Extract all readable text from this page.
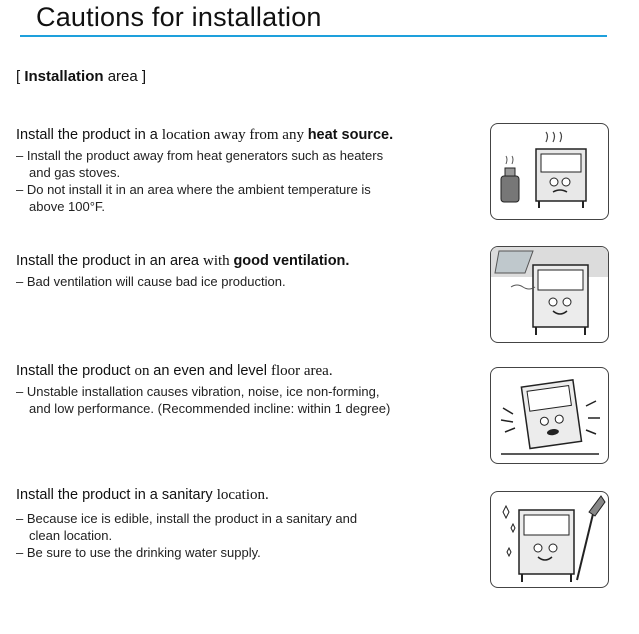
Cautions for installation
[ Installation area ]
Install the product in a location away from any heat source.

– Install the product away from heat generators such as heaters
and gas stoves.

– Do not install it in an area where the ambient temperature is
above 100°F.

Install the product in an area with good ventilation.

– Bad ventilation will cause bad ice production.

Install the product on an even and level floor area.

– Unstable installation causes vibration, noise, ice non-forming,
and low performance. (Recommended incline: within 1 degree)

Install the product in a sanitary location.

– Because ice is edible, install the product in a sanitary and
clean location.

– Be sure to use the drinking water supply.
